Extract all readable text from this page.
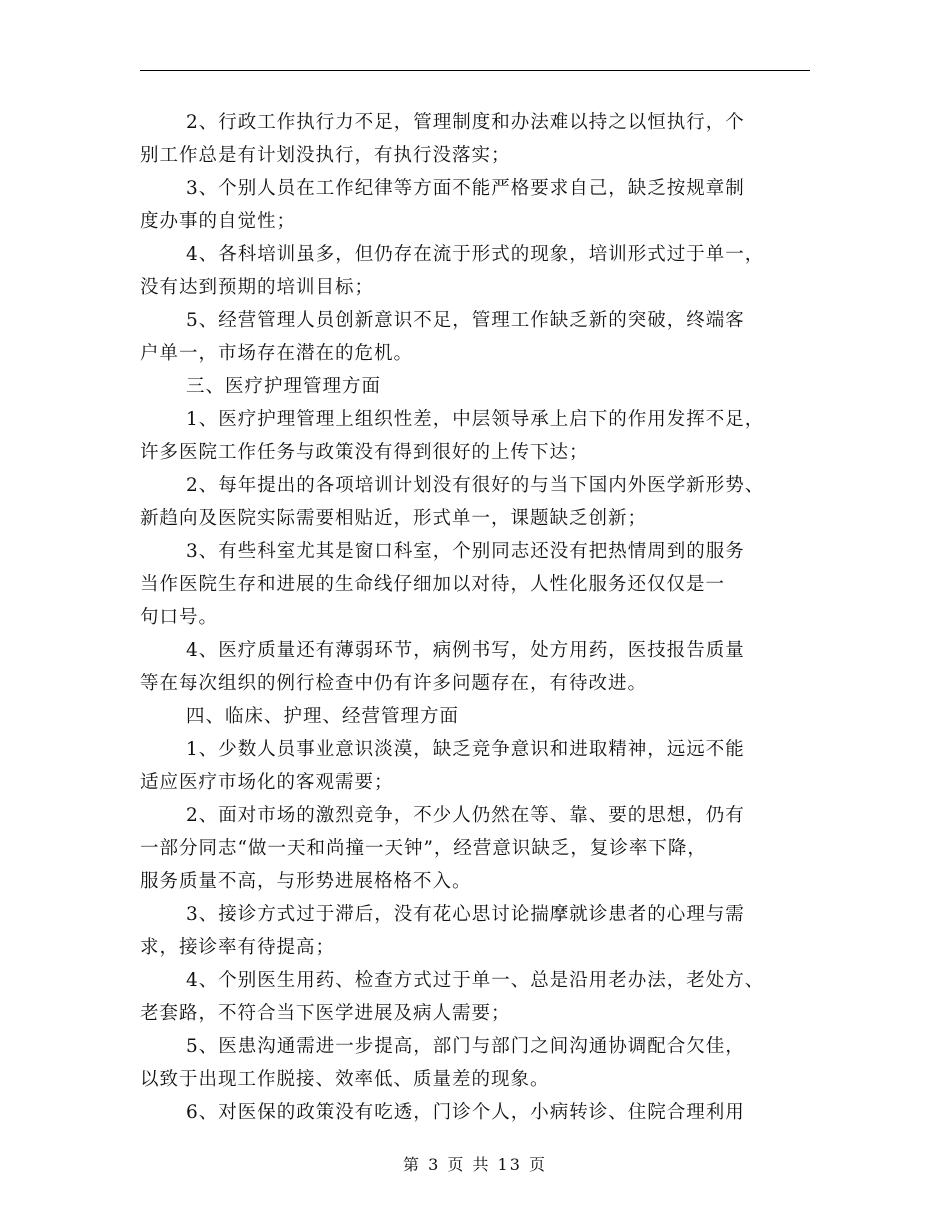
2、行政工作执行力不足，管理制度和办法难以持之以恒执行，个
别工作总是有计划没执行，有执行没落实；
3、个别人员在工作纪律等方面不能严格要求自己，缺乏按规章制
度办事的自觉性；
4、各科培训虽多，但仍存在流于形式的现象，培训形式过于单一，
没有达到预期的培训目标；
5、经营管理人员创新意识不足，管理工作缺乏新的突破，终端客
户单一，市场存在潜在的危机。
三、医疗护理管理方面
1、医疗护理管理上组织性差，中层领导承上启下的作用发挥不足，
许多医院工作任务与政策没有得到很好的上传下达；
2、每年提出的各项培训计划没有很好的与当下国内外医学新形势、
新趋向及医院实际需要相贴近，形式单一，课题缺乏创新；
3、有些科室尤其是窗口科室，个别同志还没有把热情周到的服务
当作医院生存和进展的生命线仔细加以对待，人性化服务还仅仅是一
句口号。
4、医疗质量还有薄弱环节，病例书写，处方用药，医技报告质量
等在每次组织的例行检查中仍有许多问题存在，有待改进。
四、临床、护理、经营管理方面
1、少数人员事业意识淡漠，缺乏竞争意识和进取精神，远远不能
适应医疗市场化的客观需要；
2、面对市场的激烈竞争，不少人仍然在等、靠、要的思想，仍有
一部分同志“做一天和尚撞一天钟”，经营意识缺乏，复诊率下降，
服务质量不高，与形势进展格格不入。
3、接诊方式过于滞后，没有花心思讨论揣摩就诊患者的心理与需
求，接诊率有待提高；
4、个别医生用药、检查方式过于单一、总是沿用老办法，老处方、
老套路，不符合当下医学进展及病人需要；
5、医患沟通需进一步提高，部门与部门之间沟通协调配合欠佳，
以致于出现工作脱接、效率低、质量差的现象。
6、对医保的政策没有吃透，门诊个人，小病转诊、住院合理利用
第 3 页 共 13 页
